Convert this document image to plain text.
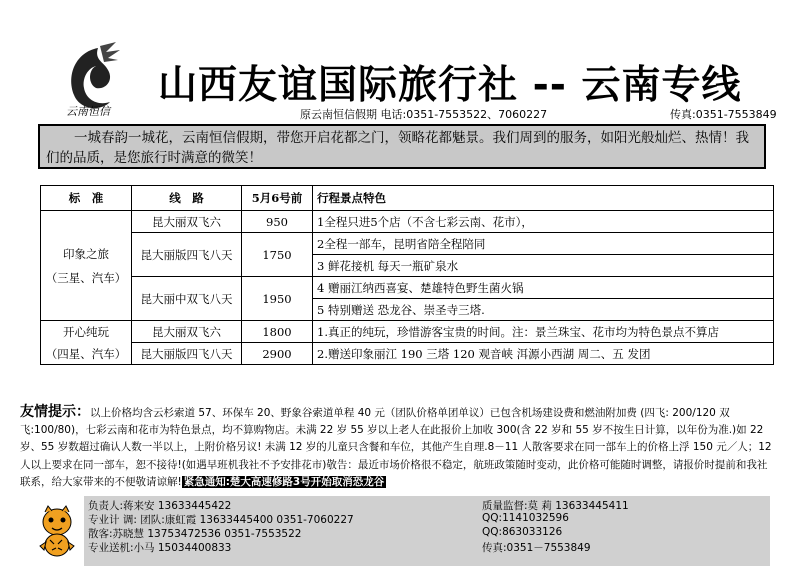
云南恒信
山西友谊国际旅行社 -- 云南专线
原云南恒信假期 电话:0351-7553522、7060227	传真:0351-7553849
一城春韵一城花，云南恒信假期，带您开启花都之门，领略花都魅景。我们周到的服务，如阳光般灿烂、热情！我们的品质，是您旅行时满意的微笑！
标　准	线　路	5月6号前	行程景点特色

印象之旅
（三星、汽车）	昆大丽双飞六	950	1全程只进5个店（不含七彩云南、花市），
	昆大丽版四飞八天	1750	2全程一部车，昆明省陪全程陪同
			3 鲜花接机 每天一瓶矿泉水
	昆大丽中双飞八天	1950	4 赠丽江纳西喜宴、楚雄特色野生菌火锅
			5 特别赠送 恐龙谷、崇圣寺三塔.

开心纯玩
（四星、汽车）	昆大丽双飞六	1800	1.真正的纯玩，珍惜游客宝贵的时间。注：景兰珠宝、花市均为特色景点不算店
	昆大丽版四飞八天	2900	2.赠送印象丽江 190 三塔 120 观音峡 洱源小西湖 周二、五 发团
友情提示：以上价格均含云杉索道 57、环保车 20、野象谷索道单程 40 元（团队价格单团单议）已包含机场建设费和燃油附加费 (四飞: 200/120 双飞:100/80)，七彩云南和花市为特色景点，均不算购物店。未满 22 岁 55 岁以上老人在此报价上加收 300(含 22 岁和 55 岁不按生日计算，以年份为准.)如 22 岁、55 岁数超过确认人数一半以上，上附价格另议! 未满 12 岁的儿童只含餐和车位，其他产生自理.8－11 人散客要求在同一部车上的价格上浮 150 元／人；12 人以上要求在同一部车，恕不接待!(如遇早班机我社不予安排花市)敬告：最近市场价格很不稳定，航班政策随时变动，此价格可能随时调整，请报价时提前和我社联系，给大家带来的不便敬请谅解! 紧急通知:楚大高速修路3号开始取消恐龙谷
负责人:蒋来安 13633445422
专业计 调: 团队:康虹霞 13633445400 0351-7060227
散客:苏晓慧 13753472536 0351-7553522
专业送机:小马 15034400833
质量监督:莫 莉 13633445411
QQ:1141032596
QQ:863033126
传真:0351－7553849
